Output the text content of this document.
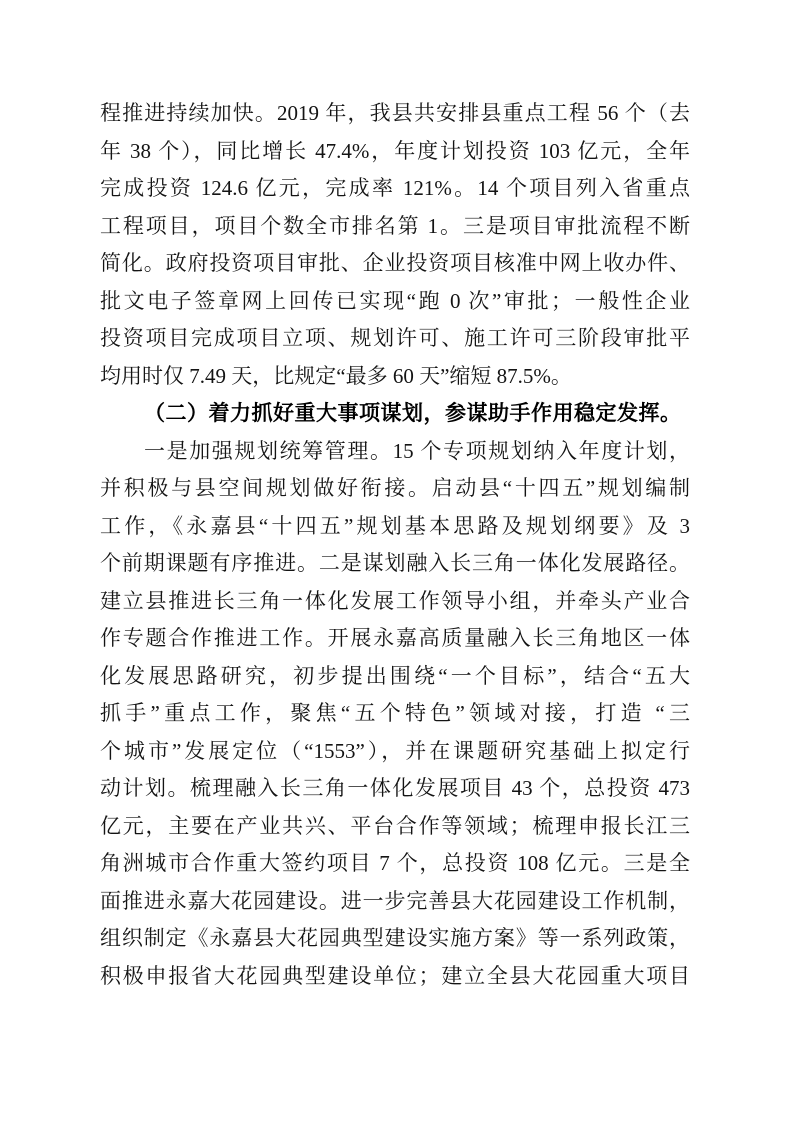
程推进持续加快。2019 年，我县共安排县重点工程 56 个（去
年 38 个），同比增长 47.4%，年度计划投资 103 亿元，全年
完成投资 124.6 亿元，完成率 121%。14 个项目列入省重点
工程项目，项目个数全市排名第 1。三是项目审批流程不断
简化。政府投资项目审批、企业投资项目核准中网上收办件、
批文电子签章网上回传已实现“跑 0 次”审批；一般性企业
投资项目完成项目立项、规划许可、施工许可三阶段审批平
均用时仅 7.49 天，比规定“最多 60 天”缩短 87.5%。
（二）着力抓好重大事项谋划，参谋助手作用稳定发挥。
一是加强规划统筹管理。15 个专项规划纳入年度计划，
并积极与县空间规划做好衔接。启动县“十四五”规划编制
工作，《永嘉县“十四五”规划基本思路及规划纲要》及 3
个前期课题有序推进。二是谋划融入长三角一体化发展路径。
建立县推进长三角一体化发展工作领导小组，并牵头产业合
作专题合作推进工作。开展永嘉高质量融入长三角地区一体
化发展思路研究，初步提出围绕“一个目标”，结合“五大
抓手”重点工作，聚焦“五个特色”领域对接，打造 “三
个城市”发展定位（“1553”），并在课题研究基础上拟定行
动计划。梳理融入长三角一体化发展项目 43 个，总投资 473
亿元，主要在产业共兴、平台合作等领域；梳理申报长江三
角洲城市合作重大签约项目 7 个，总投资 108 亿元。三是全
面推进永嘉大花园建设。进一步完善县大花园建设工作机制，
组织制定《永嘉县大花园典型建设实施方案》等一系列政策，
积极申报省大花园典型建设单位；建立全县大花园重大项目
